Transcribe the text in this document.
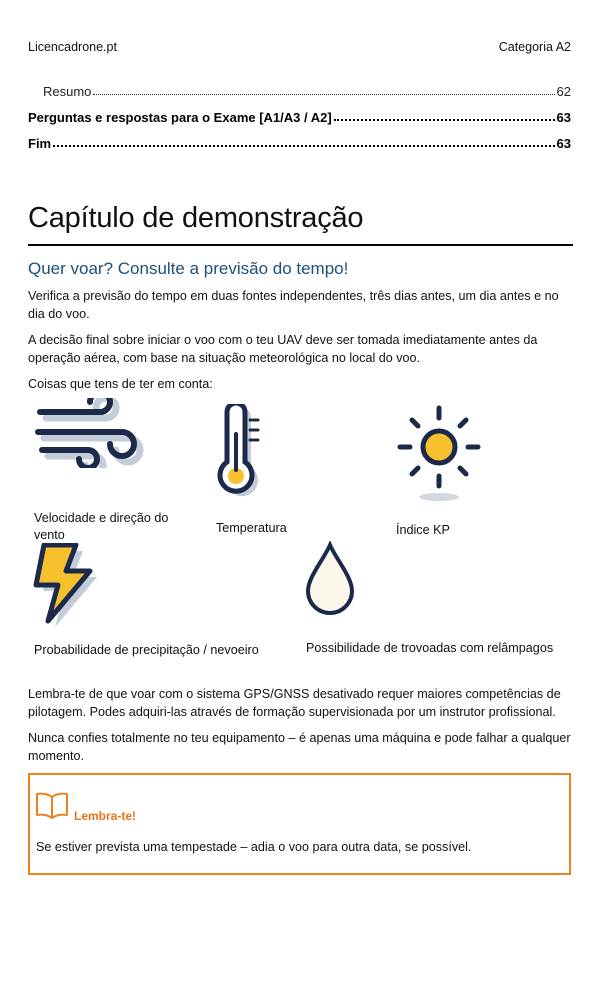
Licencadrone.pt	Categoria A2
Resumo	62
Perguntas e respostas para o Exame [A1/A3 / A2]	63
Fim	63
Capítulo de demonstração
Quer voar? Consulte a previsão do tempo!
Verifica a previsão do tempo em duas fontes independentes, três dias antes, um dia antes e no dia do voo.
A decisão final sobre iniciar o voo com o teu UAV deve ser tomada imediatamente antes da operação aérea, com base na situação meteorológica no local do voo.
Coisas que tens de ter em conta:
Velocidade e direção do vento	Temperatura	Índice KP
Probabilidade de precipitação / nevoeiro	Possibilidade de trovoadas com relâmpagos
Lembra-te de que voar com o sistema GPS/GNSS desativado requer maiores competências de pilotagem. Podes adquiri-las através de formação supervisionada por um instrutor profissional.
Nunca confies totalmente no teu equipamento – é apenas uma máquina e pode falhar a qualquer momento.
Lembra-te!
Se estiver prevista uma tempestade – adia o voo para outra data, se possível.
